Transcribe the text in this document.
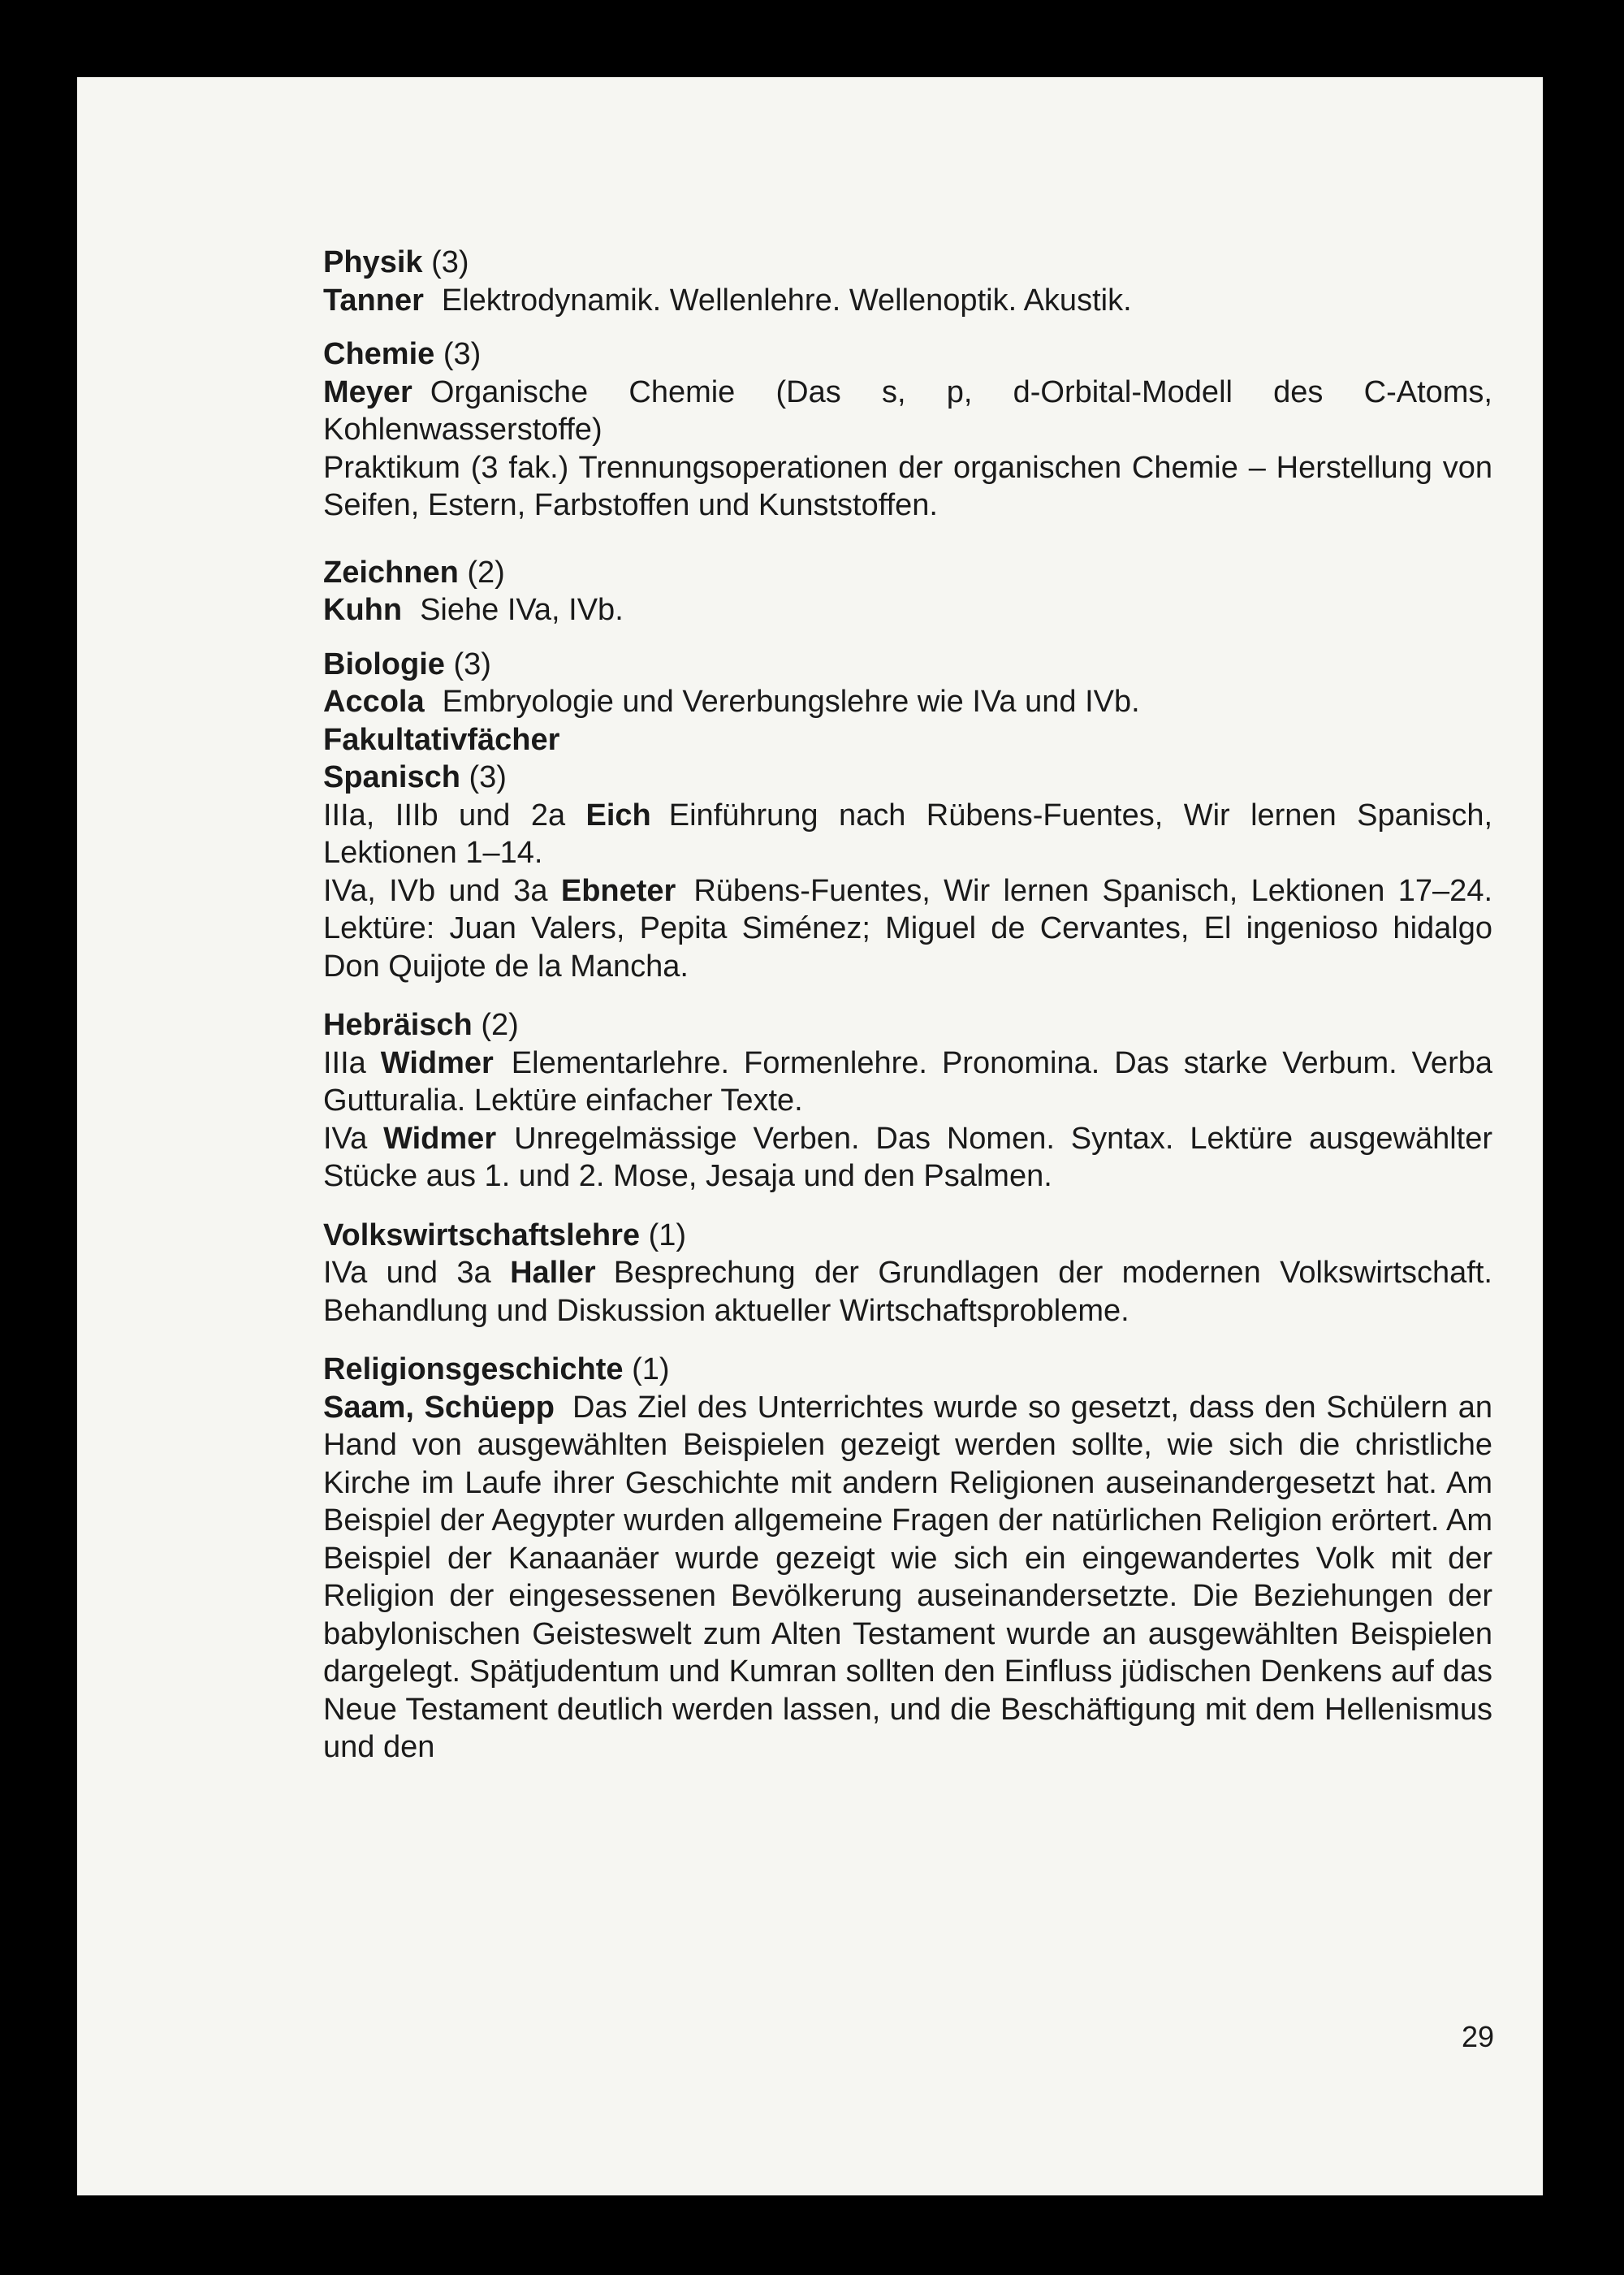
Physik (3)

Tanner Elektrodynamik. Wellenlehre. Wellenoptik. Akustik.

Chemie (3)

Meyer Organische Chemie (Das s, p, d-Orbital-Modell des C-Atoms, Kohlenwasserstoffe)

Praktikum (3 fak.) Trennungsoperationen der organischen Chemie – Herstellung von Seifen, Estern, Farbstoffen und Kunststoffen.

Zeichnen (2)

Kuhn Siehe IVa, IVb.

Biologie (3)

Accola Embryologie und Vererbungslehre wie IVa und IVb.

Fakultativfächer

Spanisch (3)

IIIa, IIIb und 2a Eich Einführung nach Rübens-Fuentes, Wir lernen Spanisch, Lektionen 1–14.

IVa, IVb und 3a Ebneter Rübens-Fuentes, Wir lernen Spanisch, Lektionen 17–24. Lektüre: Juan Valers, Pepita Siménez; Miguel de Cervantes, El ingenioso hidalgo Don Quijote de la Mancha.

Hebräisch (2)

IIIa Widmer Elementarlehre. Formenlehre. Pronomina. Das starke Verbum. Verba Gutturalia. Lektüre einfacher Texte.

IVa Widmer Unregelmässige Verben. Das Nomen. Syntax. Lektüre ausgewählter Stücke aus 1. und 2. Mose, Jesaja und den Psalmen.

Volkswirtschaftslehre (1)

IVa und 3a Haller Besprechung der Grundlagen der modernen Volkswirtschaft. Behandlung und Diskussion aktueller Wirtschaftsprobleme.

Religionsgeschichte (1)

Saam, Schüepp Das Ziel des Unterrichtes wurde so gesetzt, dass den Schülern an Hand von ausgewählten Beispielen gezeigt werden sollte, wie sich die christliche Kirche im Laufe ihrer Geschichte mit andern Religionen auseinandergesetzt hat. Am Beispiel der Aegypter wurden allgemeine Fragen der natürlichen Religion erörtert. Am Beispiel der Kanaanäer wurde gezeigt wie sich ein eingewandertes Volk mit der Religion der eingesessenen Bevölkerung auseinandersetzte. Die Beziehungen der babylonischen Geisteswelt zum Alten Testament wurde an ausgewählten Beispielen dargelegt. Spätjudentum und Kumran sollten den Einfluss jüdischen Denkens auf das Neue Testament deutlich werden lassen, und die Beschäftigung mit dem Hellenismus und den

29
